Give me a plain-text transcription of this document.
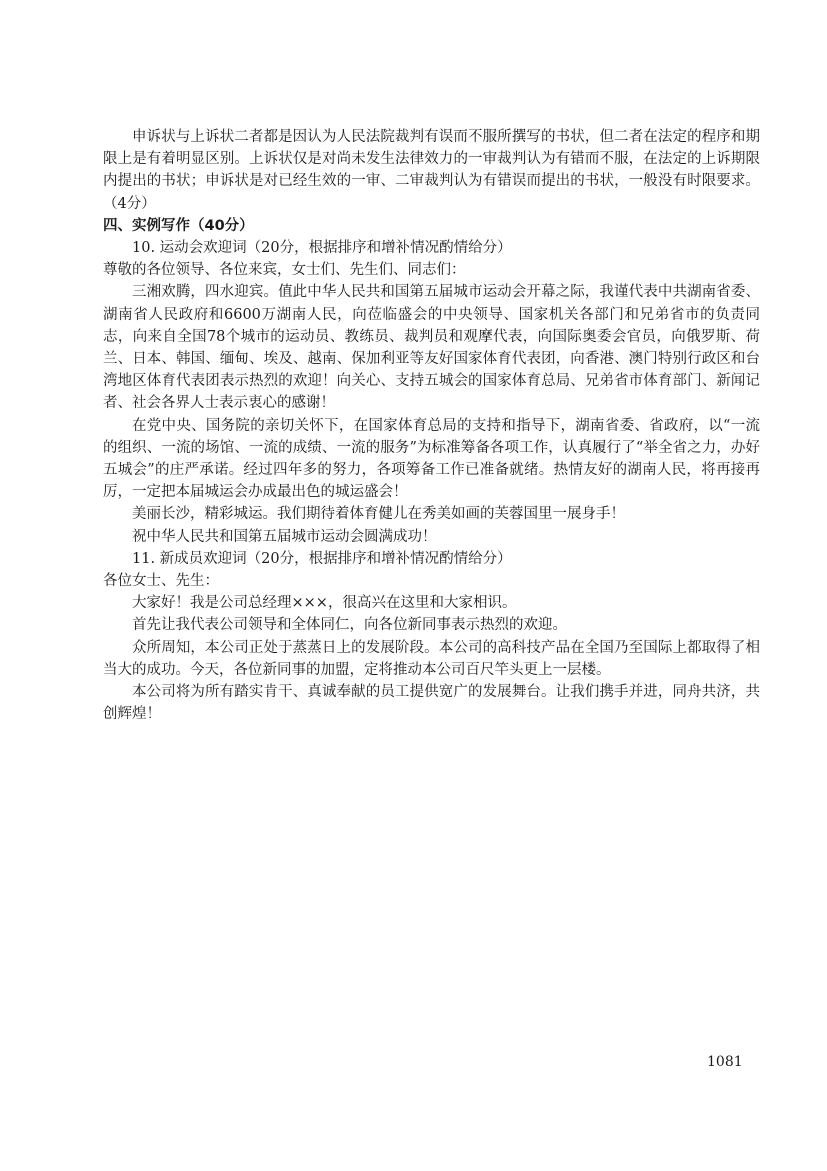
申诉状与上诉状二者都是因认为人民法院裁判有误而不服所撰写的书状，但二者在法定的程序和期限上是有着明显区别。上诉状仅是对尚未发生法律效力的一审裁判认为有错而不服，在法定的上诉期限内提出的书状；申诉状是对已经生效的一审、二审裁判认为有错误而提出的书状，一般没有时限要求。（4分）

四、实例写作（40分）

10. 运动会欢迎词（20分，根据排序和增补情况酌情给分）

尊敬的各位领导、各位来宾，女士们、先生们、同志们：

三湘欢腾，四水迎宾。值此中华人民共和国第五届城市运动会开幕之际，我谨代表中共湖南省委、湖南省人民政府和6600万湖南人民，向莅临盛会的中央领导、国家机关各部门和兄弟省市的负责同志，向来自全国78个城市的运动员、教练员、裁判员和观摩代表，向国际奥委会官员，向俄罗斯、荷兰、日本、韩国、缅甸、埃及、越南、保加利亚等友好国家体育代表团，向香港、澳门特别行政区和台湾地区体育代表团表示热烈的欢迎！向关心、支持五城会的国家体育总局、兄弟省市体育部门、新闻记者、社会各界人士表示衷心的感谢！

在党中央、国务院的亲切关怀下，在国家体育总局的支持和指导下，湖南省委、省政府，以“一流的组织、一流的场馆、一流的成绩、一流的服务”为标准筹备各项工作，认真履行了“举全省之力，办好五城会”的庄严承诺。经过四年多的努力，各项筹备工作已准备就绪。热情友好的湖南人民，将再接再厉，一定把本届城运会办成最出色的城运盛会！

美丽长沙，精彩城运。我们期待着体育健儿在秀美如画的芙蓉国里一展身手！

祝中华人民共和国第五届城市运动会圆满成功！

11. 新成员欢迎词（20分，根据排序和增补情况酌情给分）

各位女士、先生：

大家好！我是公司总经理×××，很高兴在这里和大家相识。

首先让我代表公司领导和全体同仁，向各位新同事表示热烈的欢迎。

众所周知，本公司正处于蒸蒸日上的发展阶段。本公司的高科技产品在全国乃至国际上都取得了相当大的成功。今天，各位新同事的加盟，定将推动本公司百尺竿头更上一层楼。

本公司将为所有踏实肯干、真诚奉献的员工提供宽广的发展舞台。让我们携手并进，同舟共济，共创辉煌！

1081
